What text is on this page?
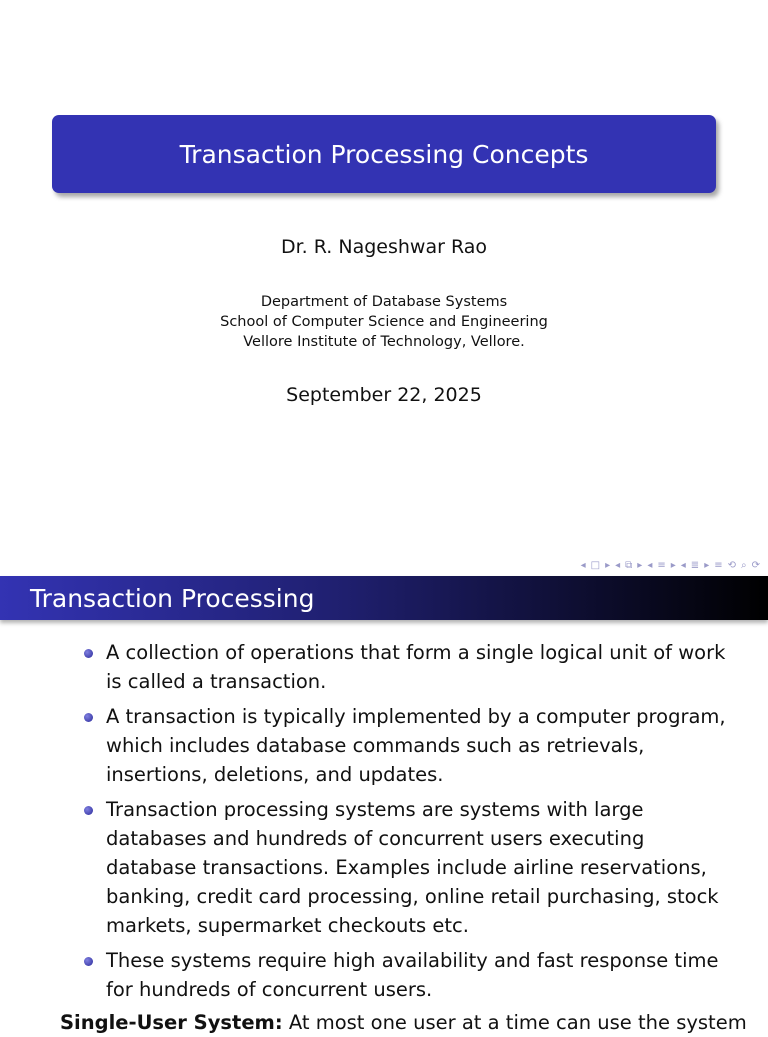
Transaction Processing Concepts
Dr. R. Nageshwar Rao
Department of Database Systems
School of Computer Science and Engineering
Vellore Institute of Technology, Vellore.
September 22, 2025
◂ □ ▸ ◂ ⧉ ▸ ◂ ≡ ▸ ◂ ≣ ▸ ≡ ⟲ ⌕ ⟳
Transaction Processing
A collection of operations that form a single logical unit of work is called a transaction.
A transaction is typically implemented by a computer program, which includes database commands such as retrievals, insertions, deletions, and updates.
Transaction processing systems are systems with large databases and hundreds of concurrent users executing database transactions. Examples include airline reservations, banking, credit card processing, online retail purchasing, stock markets, supermarket checkouts etc.
These systems require high availability and fast response time for hundreds of concurrent users.
Single-User System: At most one user at a time can use the system
